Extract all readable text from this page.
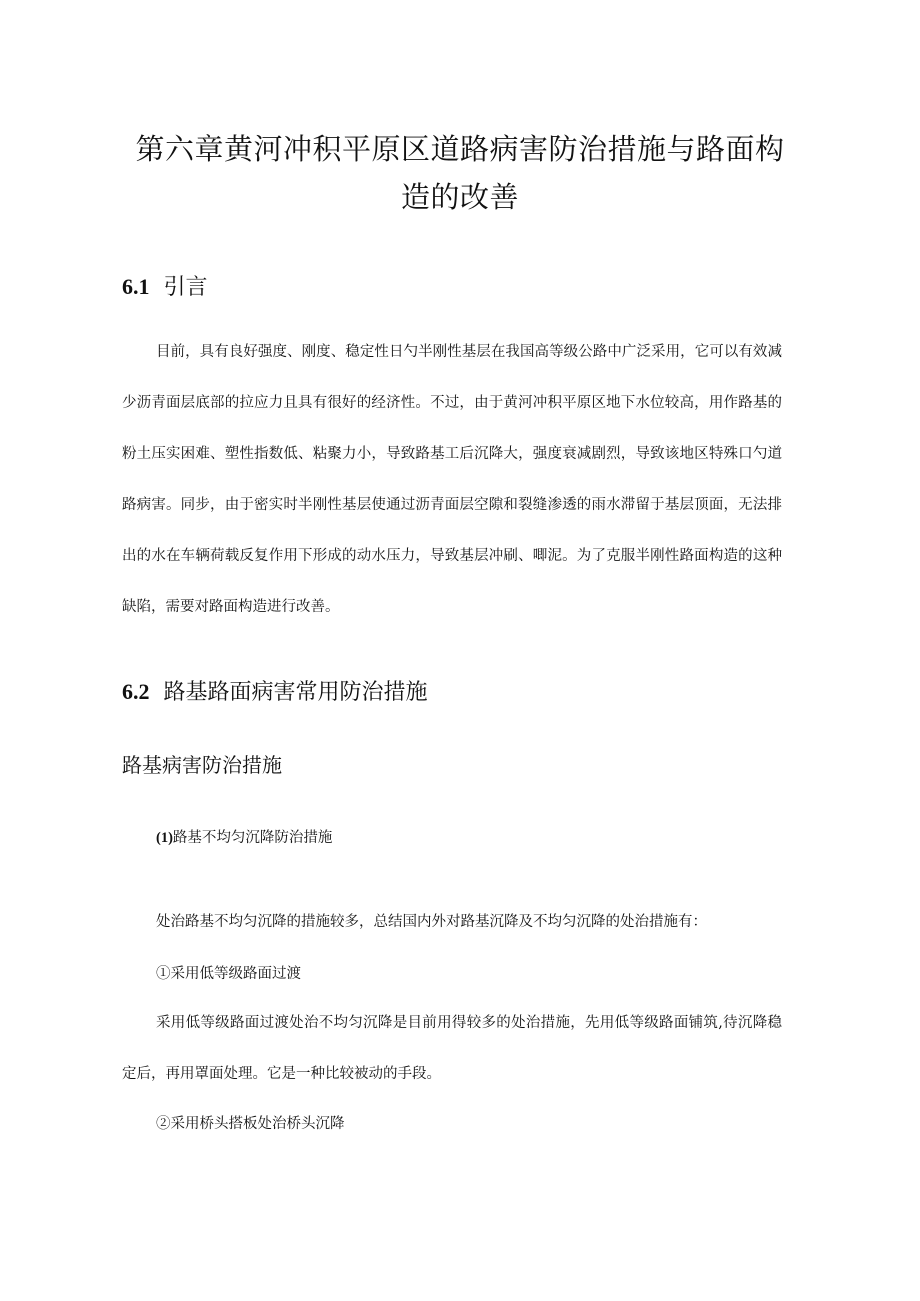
第六章黄河冲积平原区道路病害防治措施与路面构
造的改善
6.1 引言

目前，具有良好强度、刚度、稳定性日勺半刚性基层在我国高等级公路中广泛采用，它可以有效减

少沥青面层底部的拉应力且具有很好的经济性。不过，由于黄河冲积平原区地下水位较高，用作路基的

粉土压实困难、塑性指数低、粘聚力小，导致路基工后沉降大，强度衰减剧烈，导致该地区特殊口勺道

路病害。同步，由于密实时半刚性基层使通过沥青面层空隙和裂缝渗透的雨水滞留于基层顶面，无法排

出的水在车辆荷载反复作用下形成的动水压力，导致基层冲刷、唧泥。为了克服半刚性路面构造的这种

缺陷，需要对路面构造进行改善。

6.2 路基路面病害常用防治措施
路基病害防治措施

(1)路基不均匀沉降防治措施

处治路基不均匀沉降的措施较多，总结国内外对路基沉降及不均匀沉降的处治措施有：

①采用低等级路面过渡

采用低等级路面过渡处治不均匀沉降是目前用得较多的处治措施，先用低等级路面铺筑,待沉降稳

定后，再用罩面处理。它是一种比较被动的手段。

②采用桥头搭板处治桥头沉降
